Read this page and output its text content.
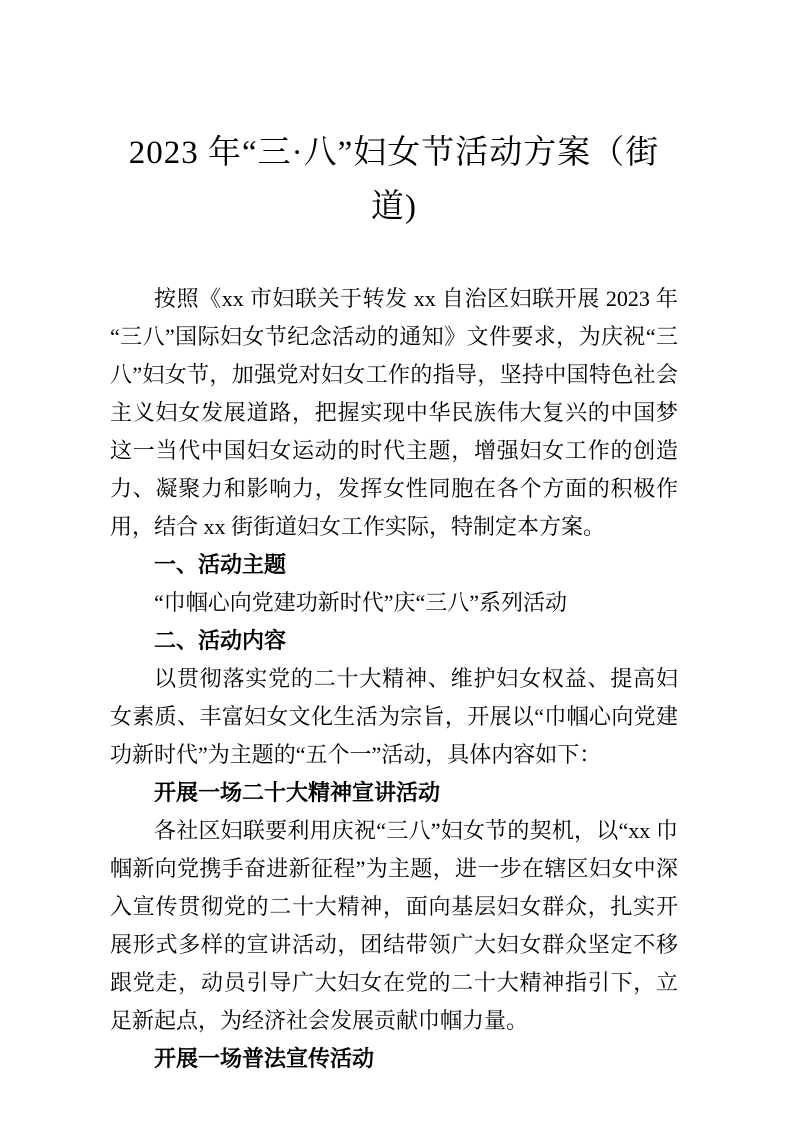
2023 年“三·八”妇女节活动方案（街道)
按照《xx 市妇联关于转发 xx 自治区妇联开展 2023 年“三八”国际妇女节纪念活动的通知》文件要求，为庆祝“三八”妇女节，加强党对妇女工作的指导，坚持中国特色社会主义妇女发展道路，把握实现中华民族伟大复兴的中国梦这一当代中国妇女运动的时代主题，增强妇女工作的创造力、凝聚力和影响力，发挥女性同胞在各个方面的积极作用，结合 xx 街街道妇女工作实际，特制定本方案。
一、活动主题
“巾帼心向党建功新时代”庆“三八”系列活动
二、活动内容
以贯彻落实党的二十大精神、维护妇女权益、提高妇女素质、丰富妇女文化生活为宗旨，开展以“巾帼心向党建功新时代”为主题的“五个一”活动，具体内容如下：
开展一场二十大精神宣讲活动
各社区妇联要利用庆祝“三八”妇女节的契机，以“xx 巾帼新向党携手奋进新征程”为主题，进一步在辖区妇女中深入宣传贯彻党的二十大精神，面向基层妇女群众，扎实开展形式多样的宣讲活动，团结带领广大妇女群众坚定不移跟党走，动员引导广大妇女在党的二十大精神指引下，立足新起点，为经济社会发展贡献巾帼力量。
开展一场普法宣传活动
